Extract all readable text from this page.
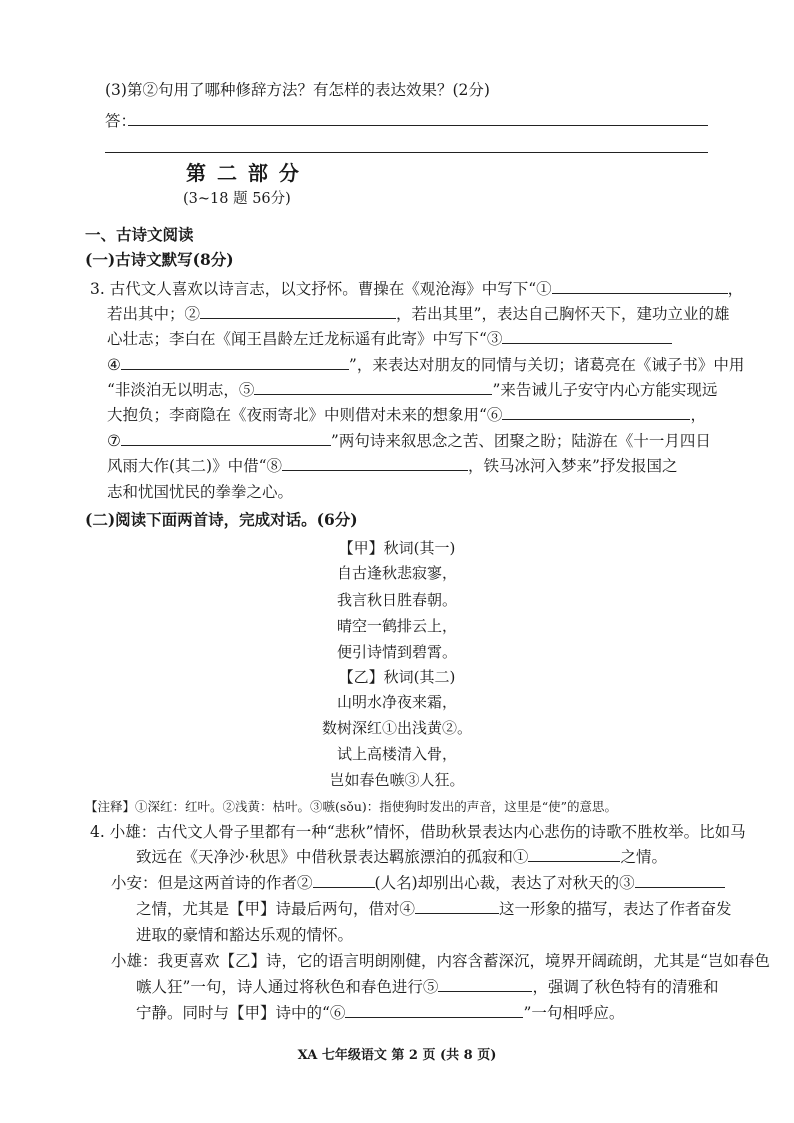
(3)第②句用了哪种修辞方法？有怎样的表达效果？(2分)
答：
第 二 部 分
(3~18 题 56分)
一、古诗文阅读
(一)古诗文默写(8分)
3. 古代文人喜欢以诗言志，以文抒怀。曹操在《观沧海》中写下“①	，
若出其中；②	，若出其里”，表达自己胸怀天下，建功立业的雄
心壮志；李白在《闻王昌龄左迁龙标遥有此寄》中写下“③
④	”，来表达对朋友的同情与关切；诸葛亮在《诫子书》中用
“非淡泊无以明志，⑤	”来告诫儿子安守内心方能实现远
大抱负；李商隐在《夜雨寄北》中则借对未来的想象用“⑥	，
⑦	”两句诗来叙思念之苦、团聚之盼；陆游在《十一月四日
风雨大作(其二)》中借“⑧	，铁马冰河入梦来”抒发报国之
志和忧国忧民的拳拳之心。
(二)阅读下面两首诗，完成对话。(6分)
【甲】秋词(其一)
自古逢秋悲寂寥，
我言秋日胜春朝。
晴空一鹤排云上，
便引诗情到碧霄。
【乙】秋词(其二)
山明水净夜来霜，
数树深红①出浅黄②。
试上高楼清入骨，
岂如春色嗾③人狂。
【注释】①深红：红叶。②浅黄：枯叶。③嗾(sǒu)：指使狗时发出的声音，这里是“使”的意思。
4. 小雄：古代文人骨子里都有一种“悲秋”情怀，借助秋景表达内心悲伤的诗歌不胜枚举。比如马
致远在《天净沙·秋思》中借秋景表达羁旅漂泊的孤寂和①	之情。
小安：但是这两首诗的作者②	(人名)却别出心裁，表达了对秋天的③
之情，尤其是【甲】诗最后两句，借对④	这一形象的描写，表达了作者奋发
进取的豪情和豁达乐观的情怀。
小雄：我更喜欢【乙】诗，它的语言明朗刚健，内容含蓄深沉，境界开阔疏朗，尤其是“岂如春色
嗾人狂”一句，诗人通过将秋色和春色进行⑤	，强调了秋色特有的清雅和
宁静。同时与【甲】诗中的“⑥	”一句相呼应。
XA 七年级语文 第 2 页 (共 8 页)
